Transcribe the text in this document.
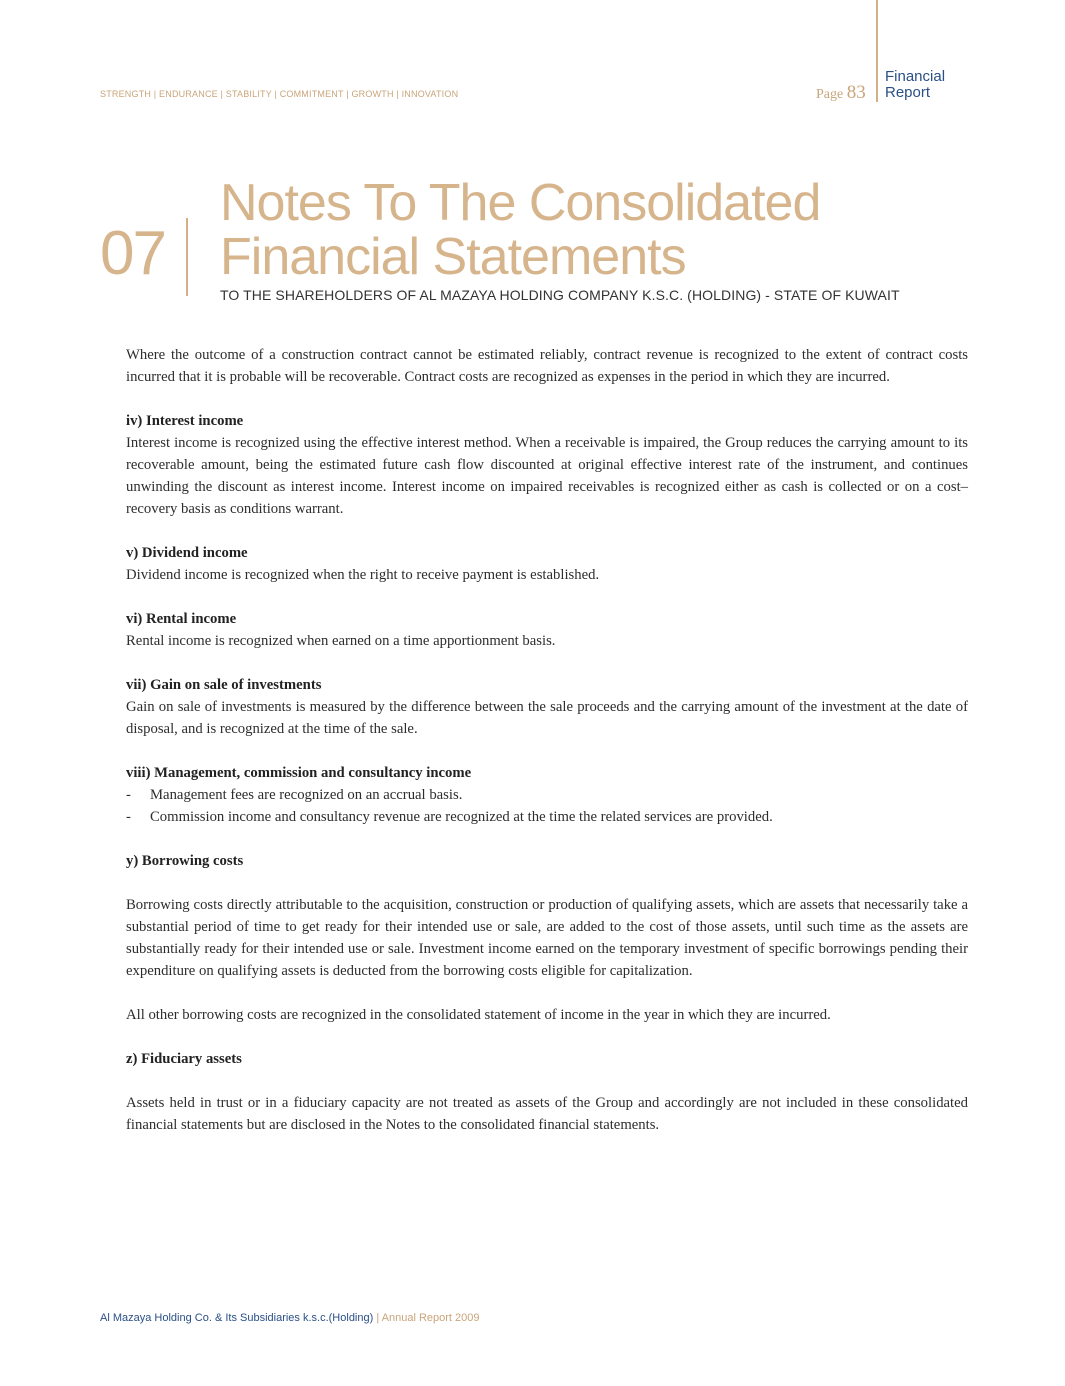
STRENGTH | ENDURANCE | STABILITY | COMMITMENT | GROWTH | INNOVATION	Page 83
Financial
Report
07
Notes To The Consolidated
Financial Statements
TO THE SHAREHOLDERS OF AL MAZAYA HOLDING COMPANY K.S.C. (HOLDING) - STATE OF KUWAIT

Where the outcome of a construction contract cannot be estimated reliably, contract revenue is recognized to the extent of contract costs incurred that it is probable will be recoverable. Contract costs are recognized as expenses in the period in which they are incurred.

iv) Interest income

Interest income is recognized using the effective interest method. When a receivable is impaired, the Group reduces the carrying amount to its recoverable amount, being the estimated future cash flow discounted at original effective interest rate of the instrument, and continues unwinding the discount as interest income. Interest income on impaired receivables is recognized either as cash is collected or on a cost–recovery basis as conditions warrant.

v) Dividend income

Dividend income is recognized when the right to receive payment is established.

vi) Rental income

Rental income is recognized when earned on a time apportionment basis.

vii) Gain on sale of investments

Gain on sale of investments is measured by the difference between the sale proceeds and the carrying amount of the investment at the date of disposal, and is recognized at the time of the sale.

viii) Management, commission and consultancy income
-	Management fees are recognized on an accrual basis.

-	Commission income and consultancy revenue are recognized at the time the related services are provided.

y) Borrowing costs

Borrowing costs directly attributable to the acquisition, construction or production of qualifying assets, which are assets that necessarily take a substantial period of time to get ready for their intended use or sale, are added to the cost of those assets, until such time as the assets are substantially ready for their intended use or sale. Investment income earned on the temporary investment of specific borrowings pending their expenditure on qualifying assets is deducted from the borrowing costs eligible for capitalization.

All other borrowing costs are recognized in the consolidated statement of income in the year in which they are incurred.

z) Fiduciary assets

Assets held in trust or in a fiduciary capacity are not treated as assets of the Group and accordingly are not included in these consolidated financial statements but are disclosed in the Notes to the consolidated financial statements.

Al Mazaya Holding Co. & Its Subsidiaries k.s.c.(Holding) | Annual Report 2009
